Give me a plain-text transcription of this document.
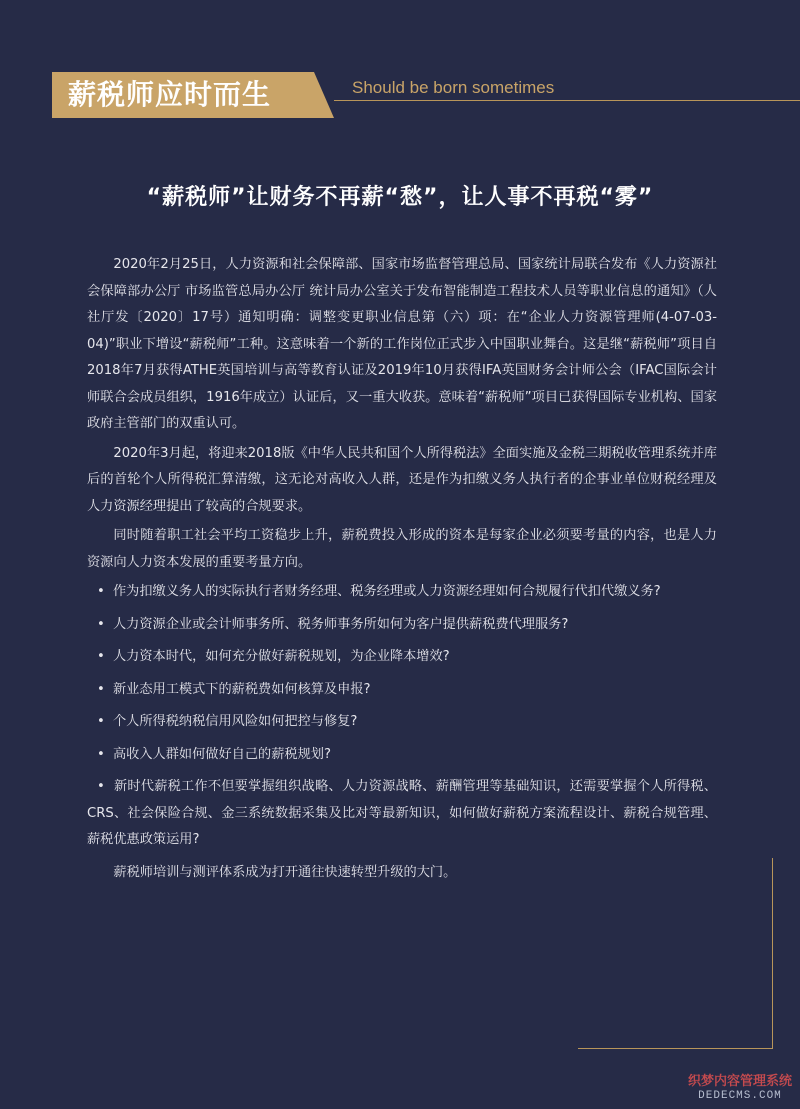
薪税师应时而生	Should be born sometimes
“薪税师”让财务不再薪“愁”，让人事不再税“雾”

2020年2月25日，人力资源和社会保障部、国家市场监督管理总局、国家统计局联合发布《人力资源社会保障部办公厅 市场监管总局办公厅 统计局办公室关于发布智能制造工程技术人员等职业信息的通知》（人社厅发〔2020〕17号）通知明确：调整变更职业信息第（六）项：在“企业人力资源管理师(4-07-03-04)”职业下增设“薪税师”工种。这意味着一个新的工作岗位正式步入中国职业舞台。这是继“薪税师”项目自2018年7月获得ATHE英国培训与高等教育认证及2019年10月获得IFA英国财务会计师公会（IFAC国际会计师联合会成员组织，1916年成立）认证后，又一重大收获。意味着“薪税师”项目已获得国际专业机构、国家政府主管部门的双重认可。

2020年3月起，将迎来2018版《中华人民共和国个人所得税法》全面实施及金税三期税收管理系统并库后的首轮个人所得税汇算清缴，这无论对高收入人群，还是作为扣缴义务人执行者的企事业单位财税经理及人力资源经理提出了较高的合规要求。

同时随着职工社会平均工资稳步上升，薪税费投入形成的资本是每家企业必须要考量的内容，也是人力资源向人力资本发展的重要考量方向。

• 作为扣缴义务人的实际执行者财务经理、税务经理或人力资源经理如何合规履行代扣代缴义务?
• 人力资源企业或会计师事务所、税务师事务所如何为客户提供薪税费代理服务?
• 人力资本时代，如何充分做好薪税规划，为企业降本增效?
• 新业态用工模式下的薪税费如何核算及申报?
• 个人所得税纳税信用风险如何把控与修复?
• 高收入人群如何做好自己的薪税规划?
• 新时代薪税工作不但要掌握组织战略、人力资源战略、薪酬管理等基础知识，还需要掌握个人所得税、CRS、社会保险合规、金三系统数据采集及比对等最新知识，如何做好薪税方案流程设计、薪税合规管理、薪税优惠政策运用?

薪税师培训与测评体系成为打开通往快速转型升级的大门。

织梦内容管理系统
DEDECMS.COM
